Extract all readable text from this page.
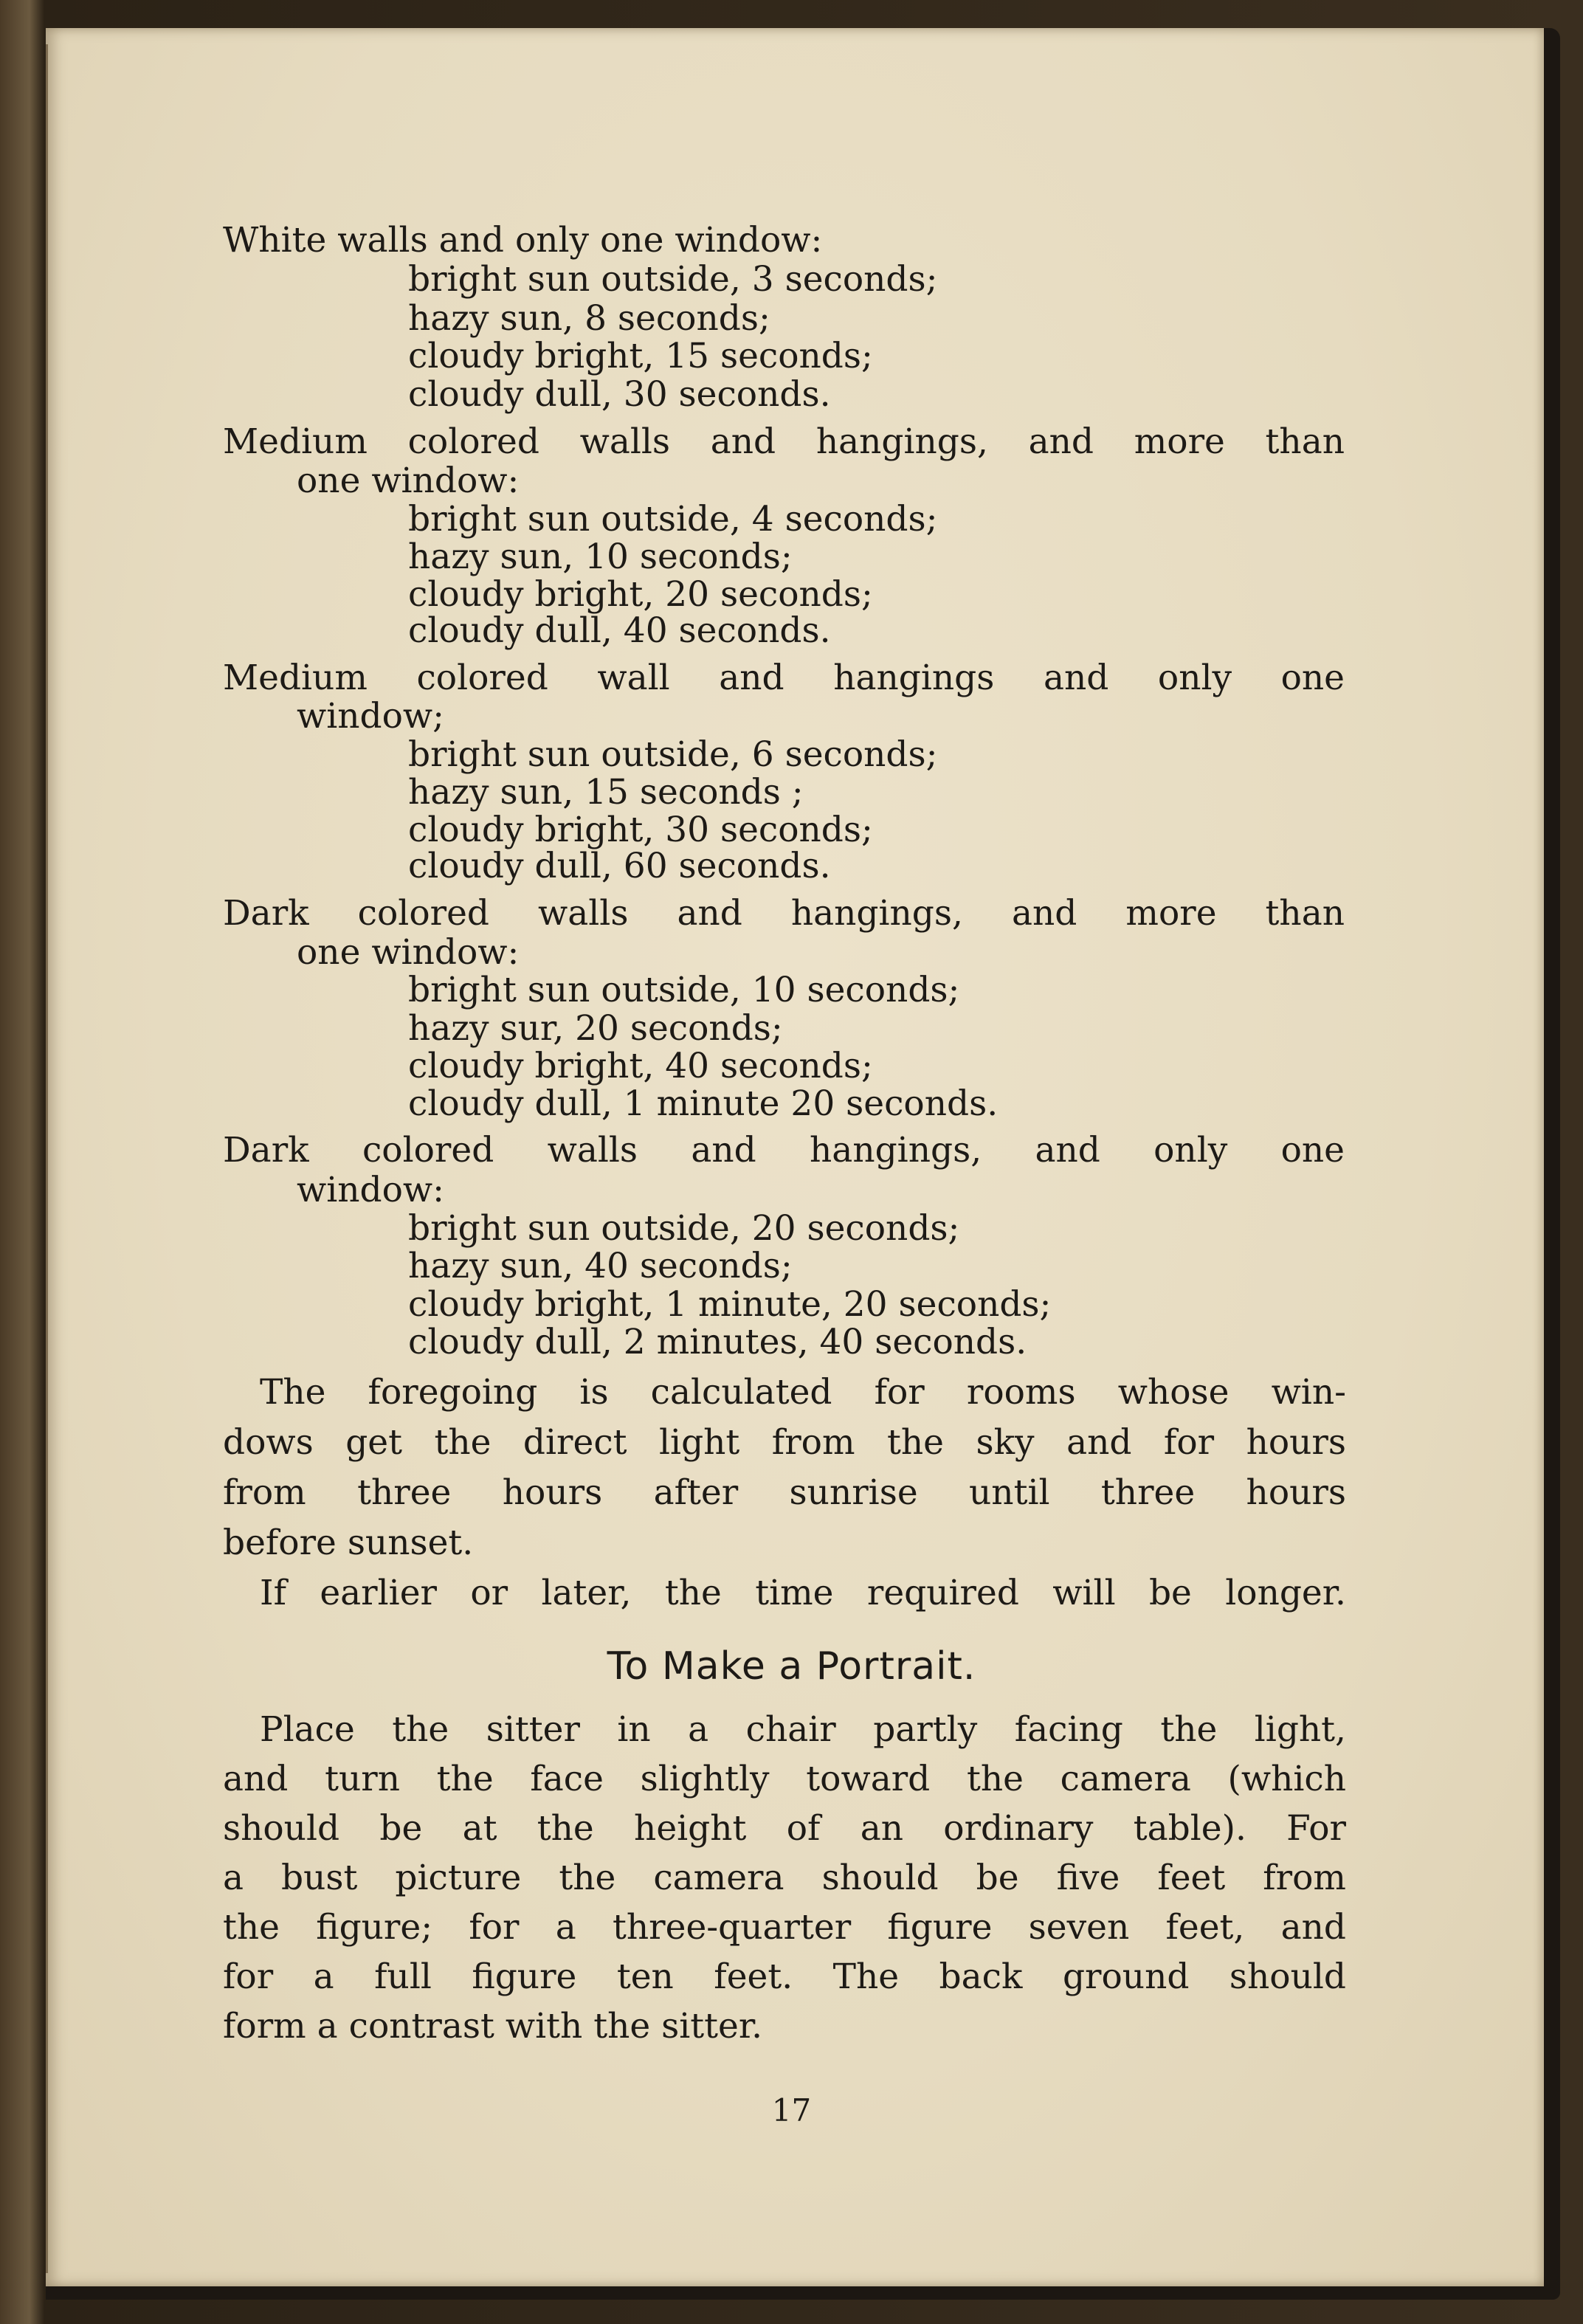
White walls and only one window:
bright sun outside, 3 seconds;
hazy sun, 8 seconds;
cloudy bright, 15 seconds;
cloudy dull, 30 seconds.
Medium colored walls and hangings, and more than
one window:
bright sun outside, 4 seconds;
hazy sun, 10 seconds;
cloudy bright, 20 seconds;
cloudy dull, 40 seconds.
Medium colored wall and hangings and only one
window;
bright sun outside, 6 seconds;
hazy sun, 15 seconds ;
cloudy bright, 30 seconds;
cloudy dull, 60 seconds.
Dark colored walls and hangings, and more than
one window:
bright sun outside, 10 seconds;
hazy sur, 20 seconds;
cloudy bright, 40 seconds;
cloudy dull, 1 minute 20 seconds.
Dark colored walls and hangings, and only one
window:
bright sun outside, 20 seconds;
hazy sun, 40 seconds;
cloudy bright, 1 minute, 20 seconds;
cloudy dull, 2 minutes, 40 seconds.
The foregoing is calculated for rooms whose win-
dows get the direct light from the sky and for hours
from three hours after sunrise until three hours
before sunset.
If earlier or later, the time required will be longer.
To Make a Portrait.
Place the sitter in a chair partly facing the light,
and turn the face slightly toward the camera (which
should be at the height of an ordinary table). For
a bust picture the camera should be five feet from
the figure; for a three-quarter figure seven feet, and
for a full figure ten feet. The back ground should
form a contrast with the sitter.
17
